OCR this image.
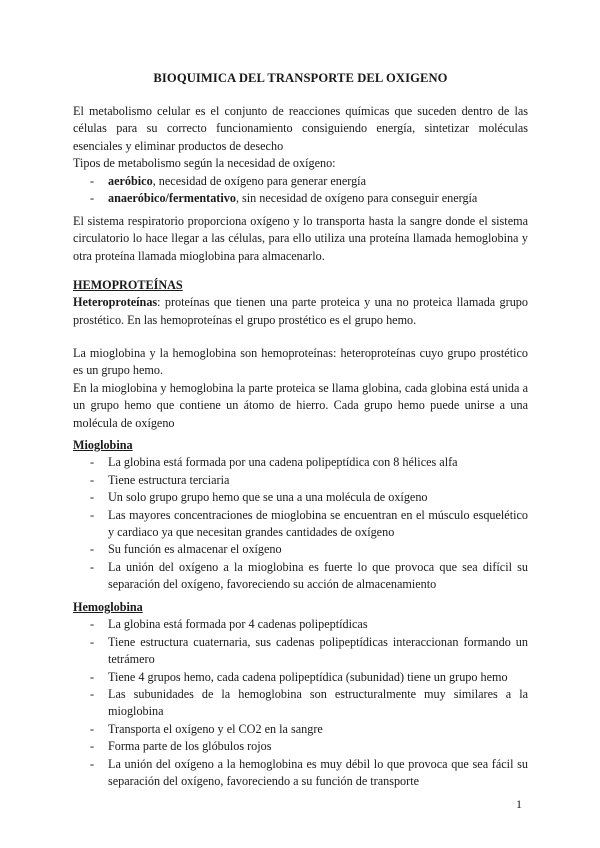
BIOQUIMICA DEL TRANSPORTE DEL OXIGENO

El metabolismo celular es el conjunto de reacciones químicas que suceden dentro de las células para su correcto funcionamiento consiguiendo energía, sintetizar moléculas esenciales y eliminar productos de desecho

Tipos de metabolismo según la necesidad de oxígeno:

- aeróbico, necesidad de oxígeno para generar energía
- anaeróbico/fermentativo, sin necesidad de oxígeno para conseguir energía

El sistema respiratorio proporciona oxígeno y lo transporta hasta la sangre donde el sistema circulatorio lo hace llegar a las células, para ello utiliza una proteína llamada hemoglobina y otra proteína llamada mioglobina para almacenarlo.

HEMOPROTEÍNAS

Heteroproteínas: proteínas que tienen una parte proteica y una no proteica llamada grupo prostético. En las hemoproteínas el grupo prostético es el grupo hemo.

La mioglobina y la hemoglobina son hemoproteínas: heteroproteínas cuyo grupo prostético es un grupo hemo.

En la mioglobina y hemoglobina la parte proteica se llama globina, cada globina está unida a un grupo hemo que contiene un átomo de hierro. Cada grupo hemo puede unirse a una molécula de oxígeno

Mioglobina
- La globina está formada por una cadena polipeptídica con 8 hélices alfa
- Tiene estructura terciaria
- Un solo grupo grupo hemo que se una a una molécula de oxígeno
- Las mayores concentraciones de mioglobina se encuentran en el músculo esquelético y cardiaco ya que necesitan grandes cantidades de oxígeno
- Su función es almacenar el oxígeno
- La unión del oxígeno a la mioglobina es fuerte lo que provoca que sea difícil su separación del oxígeno, favoreciendo su acción de almacenamiento
Hemoglobina
- La globina está formada por 4 cadenas polipeptídicas
- Tiene estructura cuaternaria, sus cadenas polipeptídicas interaccionan formando un tetrámero
- Tiene 4 grupos hemo, cada cadena polipeptídica (subunidad) tiene un grupo hemo
- Las subunidades de la hemoglobina son estructuralmente muy similares a la mioglobina
- Transporta el oxígeno y el CO2 en la sangre
- Forma parte de los glóbulos rojos
- La unión del oxígeno a la hemoglobina es muy débil lo que provoca que sea fácil su separación del oxígeno, favoreciendo a su función de transporte
1
